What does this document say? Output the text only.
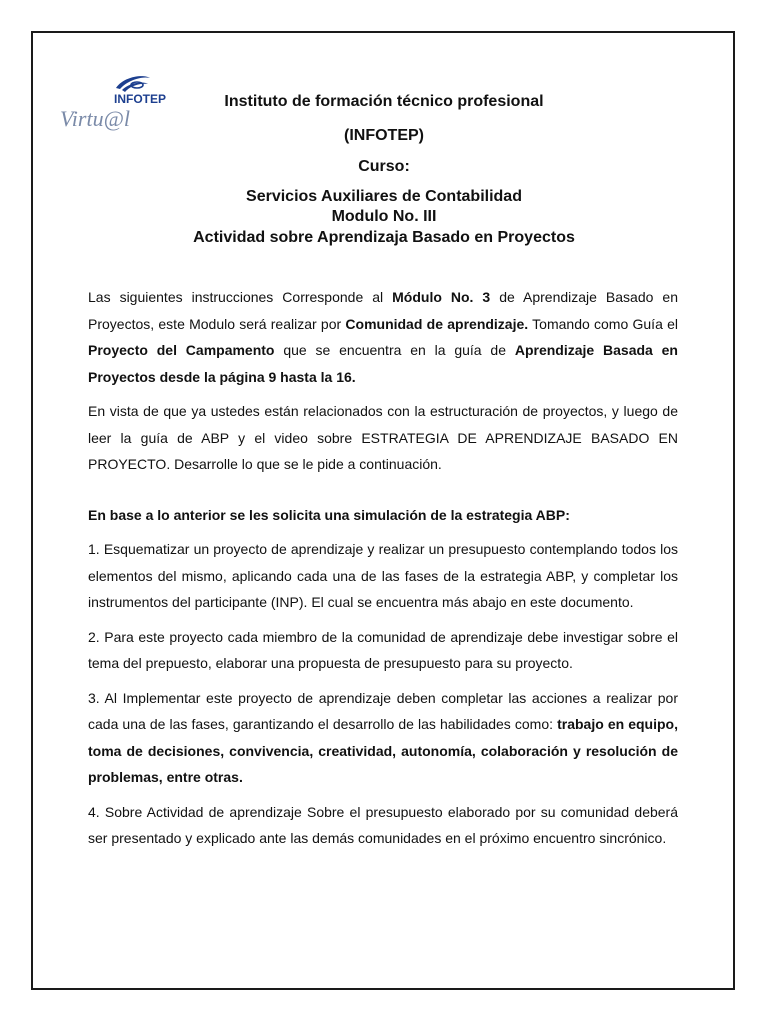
INFOTEP
Virtu@l
Instituto de formación técnico profesional
(INFOTEP)
Curso:
Servicios Auxiliares de Contabilidad
Modulo No. III
Actividad sobre Aprendizaja Basado en Proyectos

Las siguientes instrucciones Corresponde al Módulo No. 3 de Aprendizaje Basado en Proyectos, este Modulo será realizar por Comunidad de aprendizaje. Tomando como Guía el Proyecto del Campamento que se encuentra en la guía de Aprendizaje Basada en Proyectos desde la página 9 hasta la 16.

En vista de que ya ustedes están relacionados con la estructuración de proyectos, y luego de leer la guía de ABP y el video sobre ESTRATEGIA DE APRENDIZAJE BASADO EN PROYECTO. Desarrolle lo que se le pide a continuación.

En base a lo anterior se les solicita una simulación de la estrategia ABP:

1. Esquematizar un proyecto de aprendizaje y realizar un presupuesto contemplando todos los elementos del mismo, aplicando cada una de las fases de la estrategia ABP, y completar los instrumentos del participante (INP). El cual se encuentra más abajo en este documento.

2. Para este proyecto cada miembro de la comunidad de aprendizaje debe investigar sobre el tema del prepuesto, elaborar una propuesta de presupuesto para su proyecto.

3. Al Implementar este proyecto de aprendizaje deben completar las acciones a realizar por cada una de las fases, garantizando el desarrollo de las habilidades como: trabajo en equipo, toma de decisiones, convivencia, creatividad, autonomía, colaboración y resolución de problemas, entre otras.

4. Sobre Actividad de aprendizaje Sobre el presupuesto elaborado por su comunidad deberá ser presentado y explicado ante las demás comunidades en el próximo encuentro sincrónico.
